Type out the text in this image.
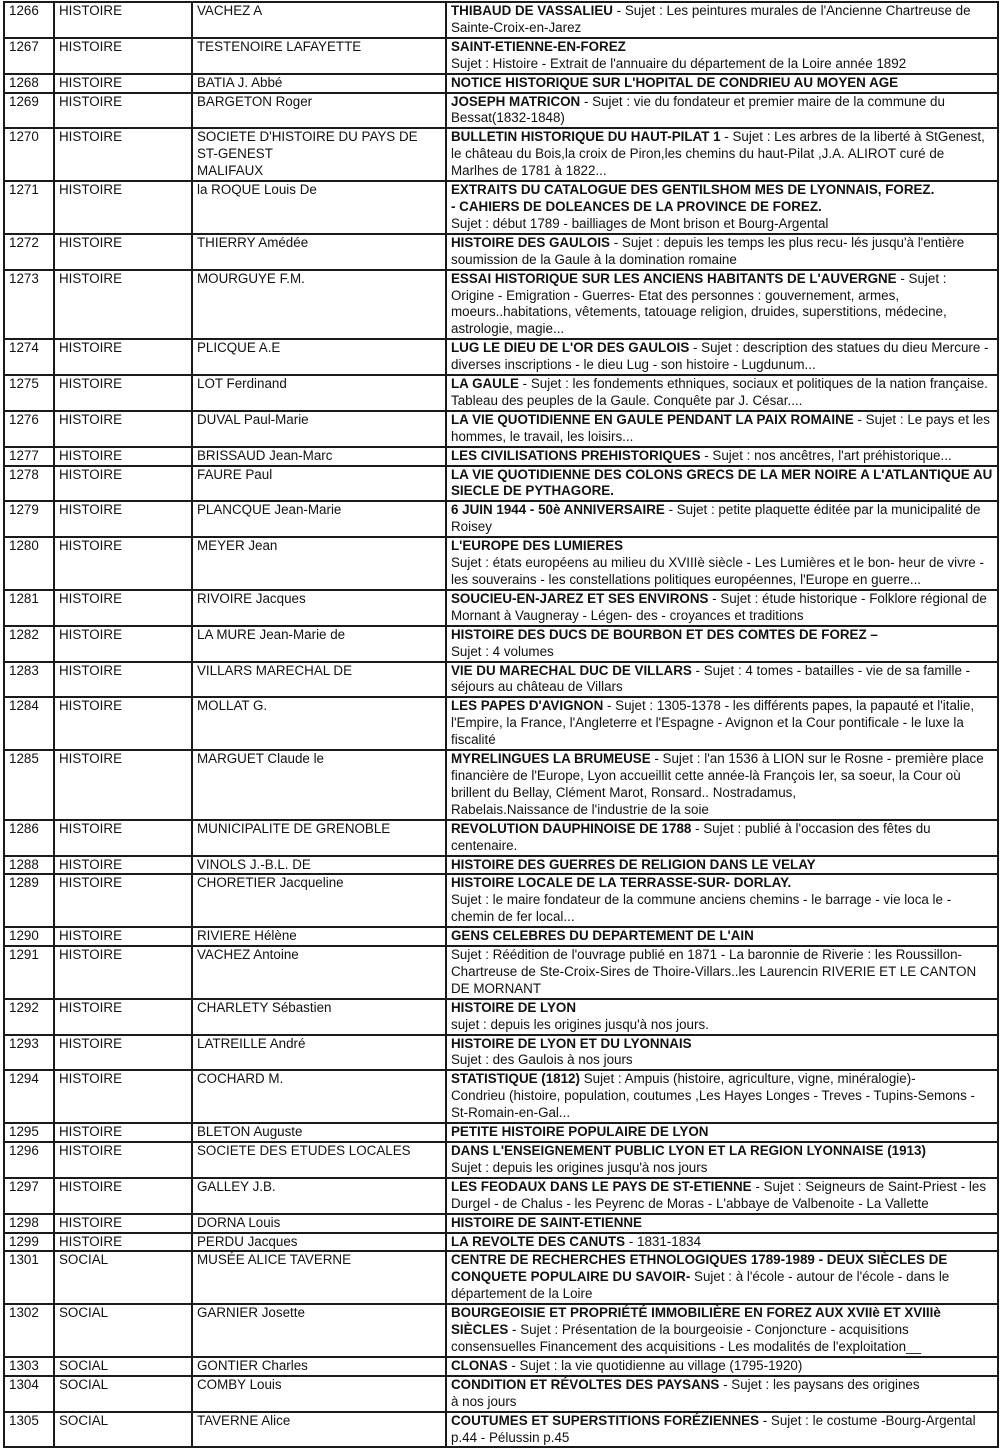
1266	HISTOIRE	VACHEZ A	THIBAUD DE VASSALIEU - Sujet : Les peintures murales de l'Ancienne Chartreuse de Sainte-Croix-en-Jarez
1267	HISTOIRE	TESTENOIRE LAFAYETTE	SAINT-ETIENNE-EN-FOREZ
Sujet : Histoire - Extrait de l'annuaire du département de la Loire année 1892
1268	HISTOIRE	BATIA J. Abbé	NOTICE HISTORIQUE SUR L'HOPITAL DE CONDRIEU AU MOYEN AGE
1269	HISTOIRE	BARGETON Roger	JOSEPH MATRICON - Sujet : vie du fondateur et premier maire de la commune du Bessat(1832-1848)
1270	HISTOIRE	SOCIETE D'HISTOIRE DU PAYS DE
ST-GENEST
MALIFAUX	BULLETIN HISTORIQUE DU HAUT-PILAT 1 - Sujet : Les arbres de la liberté à StGenest, le château du Bois,la croix de Piron,les chemins du haut-Pilat ,J.A. ALIROT curé de Marlhes de 1781 à 1822...
1271	HISTOIRE	la ROQUE Louis De	EXTRAITS DU CATALOGUE DES GENTILSHOM MES DE LYONNAIS, FOREZ.
- CAHIERS DE DOLEANCES DE LA PROVINCE DE FOREZ.
Sujet : début 1789 - bailliages de Mont brison et Bourg-Argental
1272	HISTOIRE	THIERRY Amédée	HISTOIRE DES GAULOIS - Sujet : depuis les temps les plus recu- lés jusqu'à l'entière soumission de la Gaule à la domination romaine
1273	HISTOIRE	MOURGUYE F.M.	ESSAI HISTORIQUE SUR LES ANCIENS HABITANTS DE L'AUVERGNE - Sujet : Origine - Emigration - Guerres- Etat des personnes : gouvernement, armes, moeurs..habitations, vêtements, tatouage religion, druides, superstitions, médecine, astrologie, magie...
1274	HISTOIRE	PLICQUE A.E	LUG LE DIEU DE L'OR DES GAULOIS - Sujet : description des statues du dieu Mercure - diverses inscriptions - le dieu Lug - son histoire - Lugdunum...
1275	HISTOIRE	LOT Ferdinand	LA GAULE - Sujet : les fondements ethniques, sociaux et politiques de la nation française. Tableau des peuples de la Gaule. Conquête par J. César....
1276	HISTOIRE	DUVAL Paul-Marie	LA VIE QUOTIDIENNE EN GAULE PENDANT LA PAIX ROMAINE - Sujet : Le pays et les hommes, le travail, les loisirs...
1277	HISTOIRE	BRISSAUD Jean-Marc	LES CIVILISATIONS PREHISTORIQUES - Sujet : nos ancêtres, l'art préhistorique...
1278	HISTOIRE	FAURE Paul	LA VIE QUOTIDIENNE DES COLONS GRECS DE LA MER NOIRE A L'ATLANTIQUE AU SIECLE DE PYTHAGORE.
1279	HISTOIRE	PLANCQUE Jean-Marie	6 JUIN 1944 - 50è ANNIVERSAIRE - Sujet : petite plaquette éditée par la municipalité de Roisey
1280	HISTOIRE	MEYER Jean	L'EUROPE DES LUMIERES
Sujet : états européens au milieu du XVIIIè siècle - Les Lumières et le bon- heur de vivre - les souverains - les constellations politiques européennes, l'Europe en guerre...
1281	HISTOIRE	RIVOIRE Jacques	SOUCIEU-EN-JAREZ ET SES ENVIRONS - Sujet : étude historique - Folklore régional de Mornant à Vaugneray - Légen- des - croyances et traditions
1282	HISTOIRE	LA MURE Jean-Marie de	HISTOIRE DES DUCS DE BOURBON ET DES COMTES DE FOREZ –
Sujet : 4 volumes
1283	HISTOIRE	VILLARS MARECHAL DE	VIE DU MARECHAL DUC DE VILLARS - Sujet : 4 tomes - batailles - vie de sa famille - séjours au château de Villars
1284	HISTOIRE	MOLLAT G.	LES PAPES D'AVIGNON - Sujet : 1305-1378 - les différents papes, la papauté et l'italie, l'Empire, la France, l'Angleterre et l'Espagne - Avignon et la Cour pontificale - le luxe la fiscalité
1285	HISTOIRE	MARGUET Claude le	MYRELINGUES LA BRUMEUSE - Sujet : l'an 1536 à LION sur le Rosne - première place financière de l'Europe, Lyon accueillit cette année-là François Ier, sa soeur, la Cour où brillent du Bellay, Clément Marot, Ronsard.. Nostradamus,
Rabelais.Naissance de l'industrie de la soie
1286	HISTOIRE	MUNICIPALITE DE GRENOBLE	REVOLUTION DAUPHINOISE DE 1788 - Sujet : publié à l'occasion des fêtes du centenaire.
1288	HISTOIRE	VINOLS J.-B.L. DE	HISTOIRE DES GUERRES DE RELIGION DANS LE VELAY
1289	HISTOIRE	CHORETIER Jacqueline	HISTOIRE LOCALE DE LA TERRASSE-SUR- DORLAY.
Sujet : le maire fondateur de la commune anciens chemins - le barrage - vie loca le - chemin de fer local...
1290	HISTOIRE	RIVIERE Hélène	GENS CELEBRES DU DEPARTEMENT DE L'AIN
1291	HISTOIRE	VACHEZ Antoine	Sujet : Réédition de l'ouvrage publié en 1871 - La baronnie de Riverie : les Roussillon-Chartreuse de Ste-Croix-Sires de Thoire-Villars..les Laurencin RIVERIE ET LE CANTON DE MORNANT
1292	HISTOIRE	CHARLETY Sébastien	HISTOIRE DE LYON
sujet : depuis les origines jusqu'à nos jours.
1293	HISTOIRE	LATREILLE André	HISTOIRE DE LYON ET DU LYONNAIS
Sujet : des Gaulois à nos jours
1294	HISTOIRE	COCHARD M.	STATISTIQUE (1812) Sujet : Ampuis (histoire, agriculture, vigne, minéralogie)-
Condrieu (histoire, population, coutumes ,Les Hayes Longes - Treves - Tupins-Semons - St-Romain-en-Gal...
1295	HISTOIRE	BLETON Auguste	PETITE HISTOIRE POPULAIRE DE LYON
1296	HISTOIRE	SOCIETE DES ETUDES LOCALES	DANS L'ENSEIGNEMENT PUBLIC LYON ET LA REGION LYONNAISE (1913)
Sujet : depuis les origines jusqu'à nos jours
1297	HISTOIRE	GALLEY J.B.	LES FEODAUX DANS LE PAYS DE ST-ETIENNE - Sujet : Seigneurs de Saint-Priest - les Durgel - de Chalus - les Peyrenc de Moras - L'abbaye de Valbenoite - La Vallette
1298	HISTOIRE	DORNA Louis	HISTOIRE DE SAINT-ETIENNE
1299	HISTOIRE	PERDU Jacques	LA REVOLTE DES CANUTS - 1831-1834
1301	SOCIAL	MUSÉE ALICE TAVERNE	CENTRE DE RECHERCHES ETHNOLOGIQUES 1789-1989 - DEUX SIÈCLES DE CONQUETE POPULAIRE DU SAVOIR- Sujet : à l'école - autour de l'école - dans le département de la Loire
1302	SOCIAL	GARNIER Josette	BOURGEOISIE ET PROPRIÉTÉ IMMOBILIÈRE EN FOREZ AUX XVIIè ET XVIIIè SIÈCLES - Sujet : Présentation de la bourgeoisie - Conjoncture - acquisitions consensuelles Financement des acquisitions - Les modalités de l'exploitation__
1303	SOCIAL	GONTIER Charles	CLONAS - Sujet : la vie quotidienne au village (1795-1920)
1304	SOCIAL	COMBY Louis	CONDITION ET RÉVOLTES DES PAYSANS - Sujet : les paysans des origines
à nos jours
1305	SOCIAL	TAVERNE Alice	COUTUMES ET SUPERSTITIONS FORÉZIENNES - Sujet : le costume -Bourg-Argental p.44 - Pélussin p.45
